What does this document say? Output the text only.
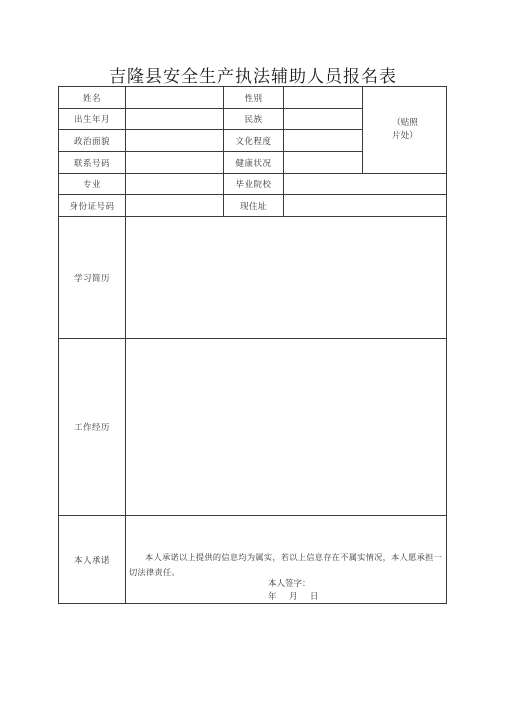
吉隆县安全生产执法辅助人员报名表
姓名	性别
出生年月	民族
政治面貌	文化程度
联系号码	健康状况
（贴照
片处）
专业	毕业院校
身份证号码	现住址
学习简历
工作经历
本人承诺	本人承诺以上提供的信息均为属实，若以上信息存在不属实情况，本人愿承担一切法律责任。
本人签字：
年　月　日
